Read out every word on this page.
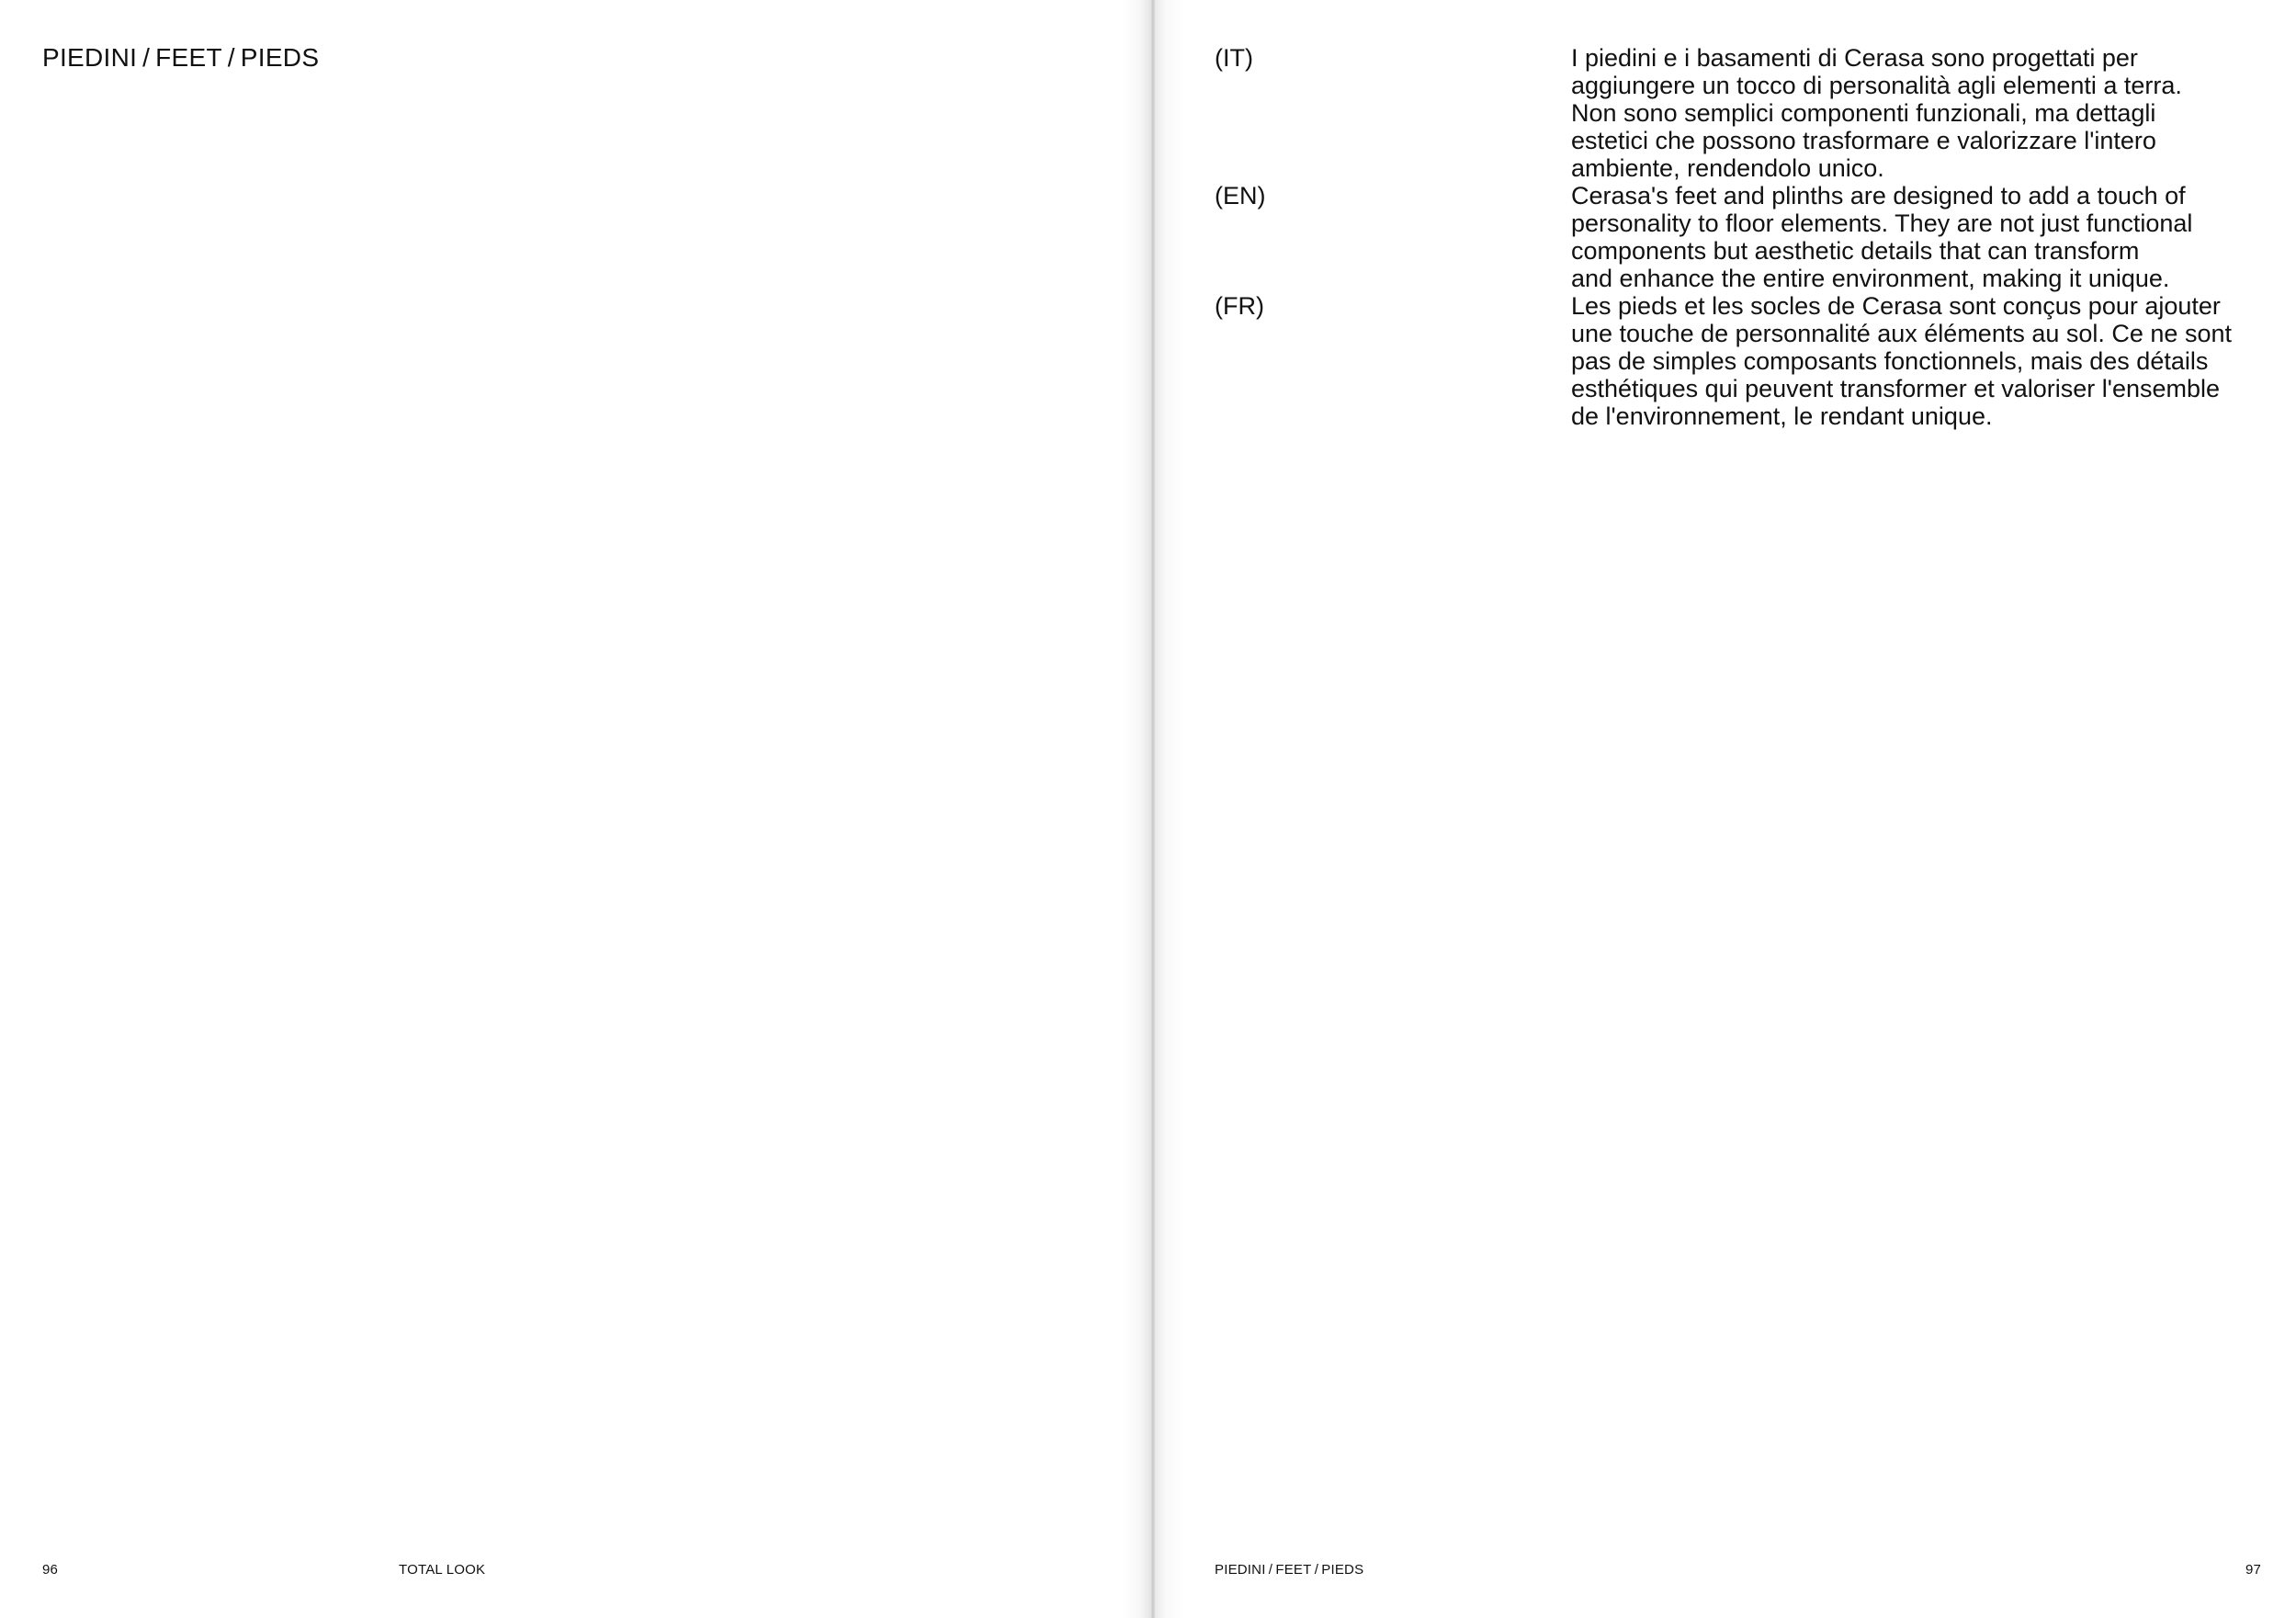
PIEDINI / FEET / PIEDS
96	TOTAL LOOK
(IT)	I piedini e i basamenti di Cerasa sono progettati per
aggiungere un tocco di personalità agli elementi a terra.
Non sono semplici componenti funzionali, ma dettagli
estetici che possono trasformare e valorizzare l'intero
ambiente, rendendolo unico.
(EN)	Cerasa's feet and plinths are designed to add a touch of
personality to floor elements. They are not just functional
components but aesthetic details that can transform
and enhance the entire environment, making it unique.
(FR)	Les pieds et les socles de Cerasa sont conçus pour ajouter
une touche de personnalité aux éléments au sol. Ce ne sont
pas de simples composants fonctionnels, mais des détails
esthétiques qui peuvent transformer et valoriser l'ensemble
de l'environnement, le rendant unique.
PIEDINI / FEET / PIEDS	97
